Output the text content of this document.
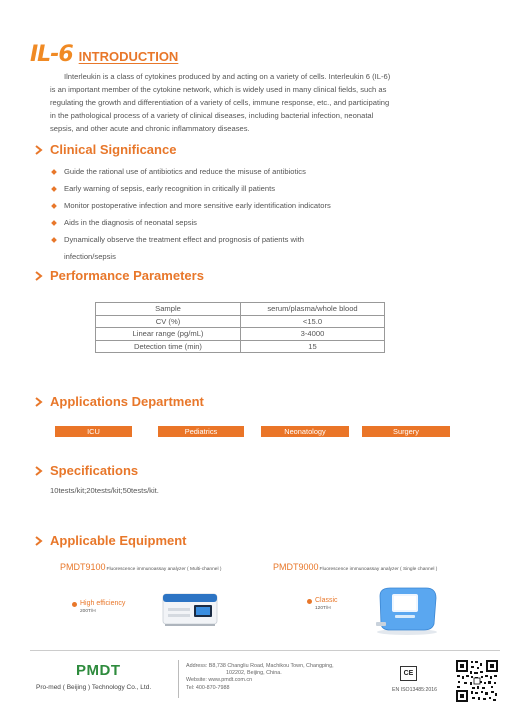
IL-6 INTRODUCTION
Ilnterleukin is a class of cytokines produced by and acting on a variety of cells. Interleukin 6 (IL-6)
is an important member of the cytokine network, which is widely used in many clinical fields, such as
regulating the growth and differentiation of a variety of cells, immune response, etc., and participating
in the pathological process of a variety of clinical diseases, including bacterial infection, neonatal
sepsis, and other acute and chronic inflammatory diseases.
Clinical Significance
Guide the rational use of antibiotics and reduce the misuse of antibiotics
Early warning of sepsis, early recognition in critically ill patients
Monitor postoperative infection and more sensitive early identification indicators
Aids in the diagnosis of neonatal sepsis
Dynamically observe the treatment effect and prognosis of patients with
infection/sepsis
Performance Parameters
Sample	serum/plasma/whole blood
CV (%)	<15.0
Linear range (pg/mL)	3-4000
Detection time (min)	15
Applications Department
ICU	Pediatrics	Neonatology	Surgery
Specifications
10tests/kit;20tests/kit;50tests/kit.
Applicable Equipment
PMDT9100 Fluorescence immunoassay analyzer ( Multi-channel )	PMDT9000 Fluorescence immunoassay analyzer ( Single channel )
High efficiency
200T/H
Classic
120T/H
PMDT
Pro-med ( Beijing ) Technology Co., Ltd.
Address: B8,738 Changliu Road, Machikou Town, Changping,
102202, Beijing, China.
Website: www.pmdt.com.cn
Tel: 400-870-7988
CE
EN ISO13485:2016
